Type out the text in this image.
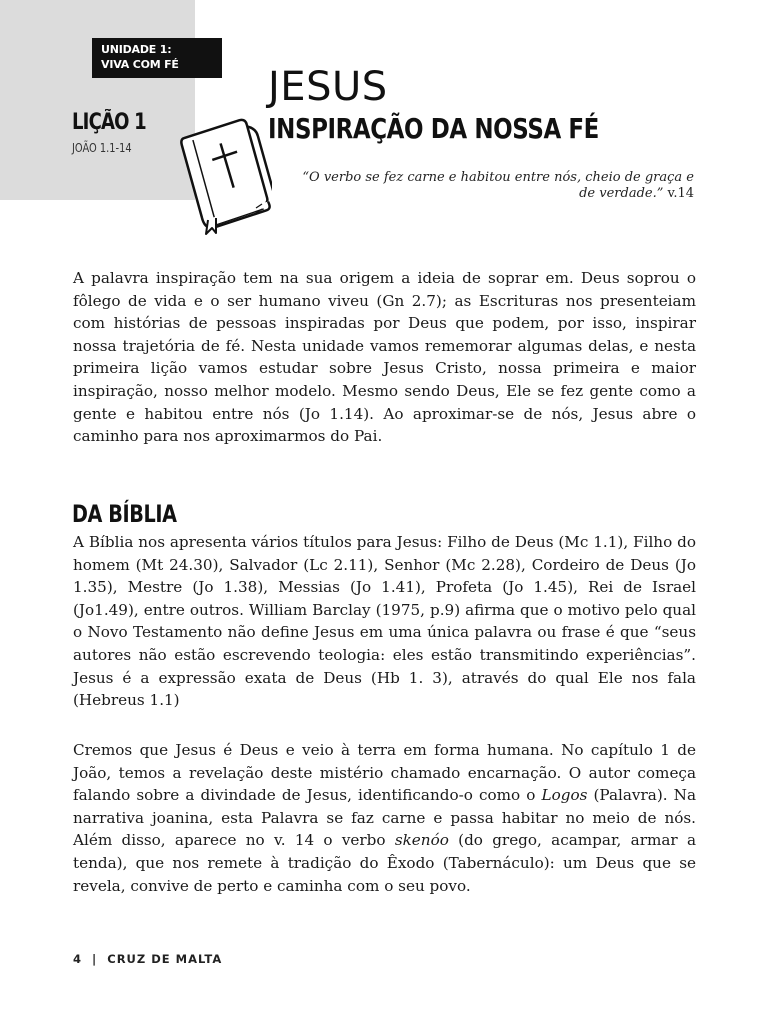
UNIDADE 1:
VIVA COM FÉ
LIÇÃO 1
JOÃO 1.1-14
JESUS
INSPIRAÇÃO DA NOSSA FÉ
“O verbo se fez carne e habitou entre nós, cheio de graça e de verdade.” v.14

A palavra inspiração tem na sua origem a ideia de soprar em. Deus soprou o fôlego de vida e o ser humano viveu (Gn 2.7); as Escrituras nos presenteiam com histórias de pessoas inspiradas por Deus que podem, por isso, inspirar nossa trajetória de fé. Nesta unidade vamos rememorar algumas delas, e nesta primeira lição vamos estudar sobre Jesus Cristo, nossa primeira e maior inspiração, nosso melhor modelo. Mesmo sendo Deus, Ele se fez gente como a gente e habitou entre nós (Jo 1.14). Ao aproximar-se de nós, Jesus abre o caminho para nos aproximarmos do Pai.

DA BÍBLIA

A Bíblia nos apresenta vários títulos para Jesus: Filho de Deus (Mc 1.1), Filho do homem (Mt 24.30), Salvador (Lc 2.11), Senhor (Mc 2.28), Cordeiro de Deus (Jo 1.35), Mestre (Jo 1.38), Messias (Jo 1.41), Profeta (Jo 1.45), Rei de Israel (Jo1.49), entre outros. William Barclay (1975, p.9) afirma que o motivo pelo qual o Novo Testamento não define Jesus em uma única palavra ou frase é que “seus autores não estão escrevendo teologia: eles estão transmitindo experiências”. Jesus é a expressão exata de Deus (Hb 1. 3), através do qual Ele nos fala (Hebreus 1.1)

Cremos que Jesus é Deus e veio à terra em forma humana. No capítulo 1 de João, temos a revelação deste mistério chamado encarnação. O autor começa falando sobre a divindade de Jesus, identificando-o como o Logos (Palavra). Na narrativa joanina, esta Palavra se faz carne e passa habitar no meio de nós. Além disso, aparece no v. 14 o verbo skenóo (do grego, acampar, armar a tenda), que nos remete à tradição do Êxodo (Tabernáculo): um Deus que se revela, convive de perto e caminha com o seu povo.

4 | CRUZ DE MALTA
